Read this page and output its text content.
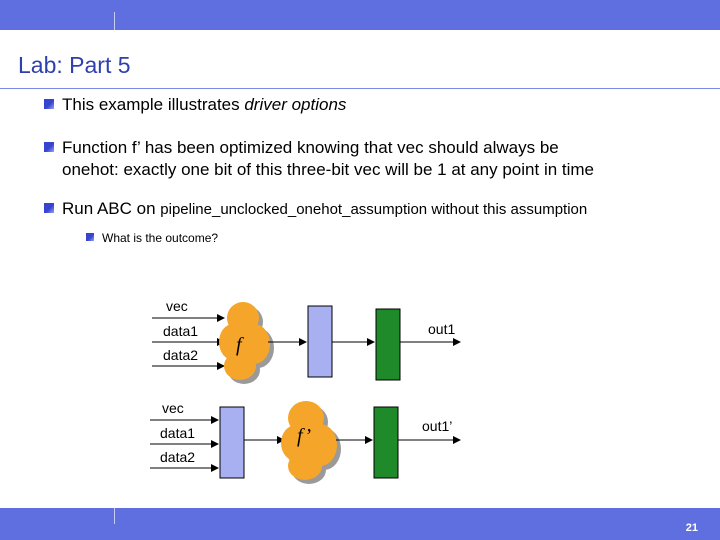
Lab: Part 5
This example illustrates driver options
Function f’ has been optimized knowing that vec should always be
onehot: exactly one bit of this three-bit vec will be 1 at any point in time
Run ABC on pipeline_unclocked_onehot_assumption without this assumption
What is the outcome?
vec
data1
data2 f
out1
vec
data1
data2
f’	out1’
21
